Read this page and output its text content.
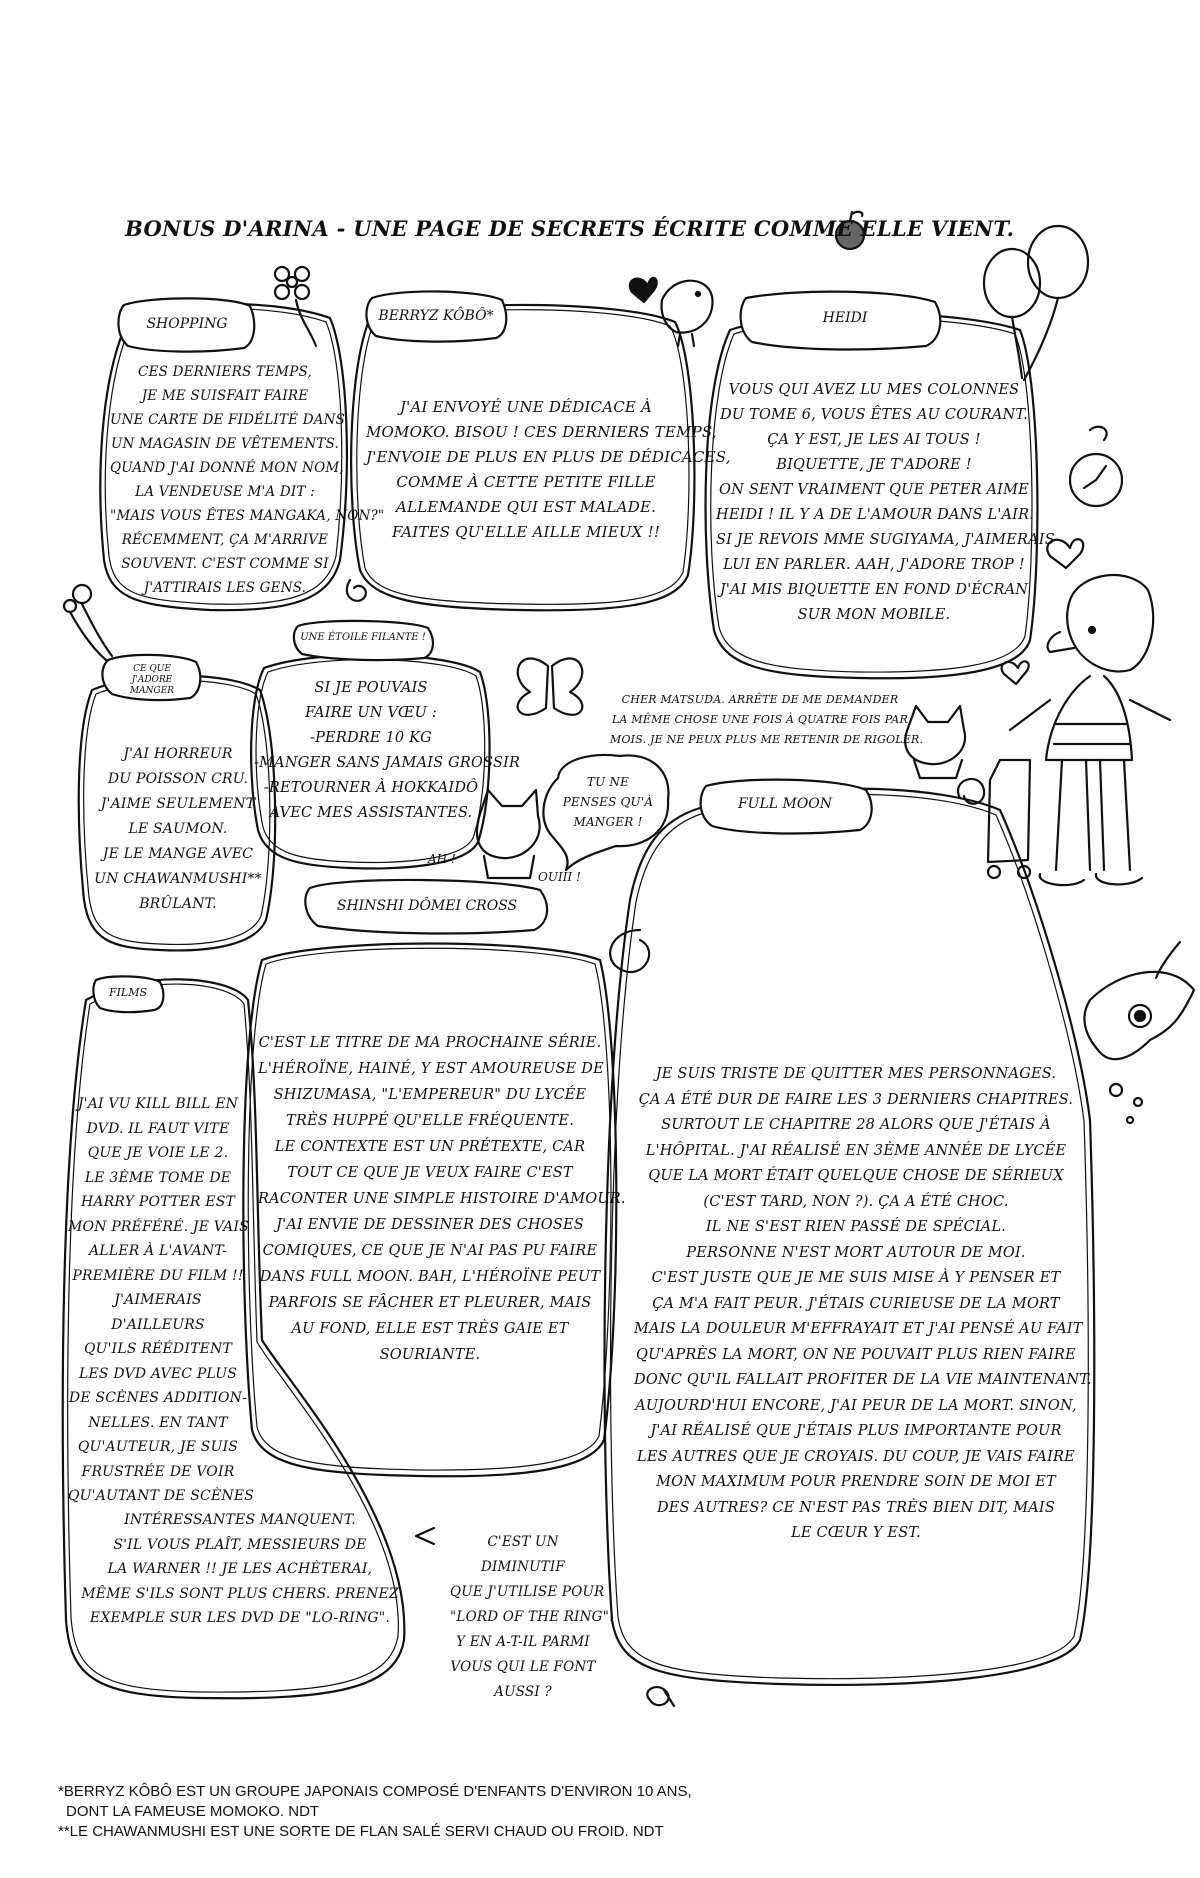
BONUS D'ARINA - UNE PAGE DE SECRETS ÉCRITE COMME ELLE VIENT.
SHOPPING	BERRYZ KÔBÔ*	HEIDI
CE QUE J'ADORE MANGER
UNE ÉTOILE FILANTE !
SHINSHI DÔMEI CROSS
FILMS
FULL MOON
CES DERNIERS TEMPS,
JE ME SUISFAIT FAIRE
UNE CARTE DE FIDÉLITÉ DANS
UN MAGASIN DE VÊTEMENTS.
QUAND J'AI DONNÉ MON NOM,
LA VENDEUSE M'A DIT :
"MAIS VOUS ÊTES MANGAKA, NON?"
RÉCEMMENT, ÇA M'ARRIVE
SOUVENT. C'EST COMME SI
J'ATTIRAIS LES GENS.
J'AI ENVOYÉ UNE DÉDICACE À
MOMOKO. BISOU ! CES DERNIERS TEMPS,
J'ENVOIE DE PLUS EN PLUS DE DÉDICACES,
COMME À CETTE PETITE FILLE
ALLEMANDE QUI EST MALADE.
FAITES QU'ELLE AILLE MIEUX !!
VOUS QUI AVEZ LU MES COLONNES
DU TOME 6, VOUS ÊTES AU COURANT.
ÇA Y EST, JE LES AI TOUS !
BIQUETTE, JE T'ADORE !
ON SENT VRAIMENT QUE PETER AIME
HEIDI ! IL Y A DE L'AMOUR DANS L'AIR.
SI JE REVOIS MME SUGIYAMA, J'AIMERAIS
LUI EN PARLER. AAH, J'ADORE TROP !
J'AI MIS BIQUETTE EN FOND D'ÉCRAN
SUR MON MOBILE.
J'AI HORREUR
DU POISSON CRU.
J'AIME SEULEMENT
LE SAUMON.
JE LE MANGE AVEC
UN CHAWANMUSHI**
BRÛLANT.
SI JE POUVAIS
FAIRE UN VŒU :
-PERDRE 10 KG
-MANGER SANS JAMAIS GROSSIR
-RETOURNER À HOKKAIDÔ
AVEC MES ASSISTANTES.
C'EST LE TITRE DE MA PROCHAINE SÉRIE.
L'HÉROÏNE, HAINÉ, Y EST AMOUREUSE DE
SHIZUMASA, "L'EMPEREUR" DU LYCÉE
TRÈS HUPPÉ QU'ELLE FRÉQUENTE.
LE CONTEXTE EST UN PRÉTEXTE, CAR
TOUT CE QUE JE VEUX FAIRE C'EST
RACONTER UNE SIMPLE HISTOIRE D'AMOUR.
J'AI ENVIE DE DESSINER DES CHOSES
COMIQUES, CE QUE JE N'AI PAS PU FAIRE
DANS FULL MOON. BAH, L'HÉROÏNE PEUT
PARFOIS SE FÂCHER ET PLEURER, MAIS
AU FOND, ELLE EST TRÈS GAIE ET
SOURIANTE.
J'AI VU KILL BILL EN
DVD. IL FAUT VITE
QUE JE VOIE LE 2.
LE 3ÈME TOME DE
HARRY POTTER EST
MON PRÉFÉRÉ. JE VAIS
ALLER À L'AVANT-
PREMIÈRE DU FILM !!
J'AIMERAIS
D'AILLEURS
QU'ILS RÉÉDITENT
LES DVD AVEC PLUS
DE SCÈNES ADDITION-
NELLES. EN TANT
QU'AUTEUR, JE SUIS
FRUSTRÉE DE VOIR
QU'AUTANT DE SCÈNES
INTÉRESSANTES MANQUENT.
S'IL VOUS PLAÎT, MESSIEURS DE
LA WARNER !! JE LES ACHÈTERAI,
MÊME S'ILS SONT PLUS CHERS. PRENEZ
EXEMPLE SUR LES DVD DE "LO-RING".
JE SUIS TRISTE DE QUITTER MES PERSONNAGES.
ÇA A ÉTÉ DUR DE FAIRE LES 3 DERNIERS CHAPITRES.
SURTOUT LE CHAPITRE 28 ALORS QUE J'ÉTAIS À
L'HÔPITAL. J'AI RÉALISÉ EN 3ÈME ANNÉE DE LYCÉE
QUE LA MORT ÉTAIT QUELQUE CHOSE DE SÉRIEUX
(C'EST TARD, NON ?). ÇA A ÉTÉ CHOC.
IL NE S'EST RIEN PASSÉ DE SPÉCIAL.
PERSONNE N'EST MORT AUTOUR DE MOI.
C'EST JUSTE QUE JE ME SUIS MISE À Y PENSER ET
ÇA M'A FAIT PEUR. J'ÉTAIS CURIEUSE DE LA MORT
MAIS LA DOULEUR M'EFFRAYAIT ET J'AI PENSÉ AU FAIT
QU'APRÈS LA MORT, ON NE POUVAIT PLUS RIEN FAIRE
DONC QU'IL FALLAIT PROFITER DE LA VIE MAINTENANT.
AUJOURD'HUI ENCORE, J'AI PEUR DE LA MORT. SINON,
J'AI RÉALISÉ QUE J'ÉTAIS PLUS IMPORTANTE POUR
LES AUTRES QUE JE CROYAIS. DU COUP, JE VAIS FAIRE
MON MAXIMUM POUR PRENDRE SOIN DE MOI ET
DES AUTRES? CE N'EST PAS TRÈS BIEN DIT, MAIS
LE CŒUR Y EST.
CHER MATSUDA. ARRÊTE DE ME DEMANDER
LA MÊME CHOSE UNE FOIS À QUATRE FOIS PAR
MOIS. JE NE PEUX PLUS ME RETENIR DE RIGOLER.
TU NE
PENSES QU'À
MANGER !
AH !
OUIII !
C'EST UN
DIMINUTIF
QUE J'UTILISE POUR
"LORD OF THE RING".
Y EN A-T-IL PARMI
VOUS QUI LE FONT
AUSSI ?
*BERRYZ KÔBÔ EST UN GROUPE JAPONAIS COMPOSÉ D'ENFANTS D'ENVIRON 10 ANS,
DONT LA FAMEUSE MOMOKO. NDT
**LE CHAWANMUSHI EST UNE SORTE DE FLAN SALÉ SERVI CHAUD OU FROID. NDT
